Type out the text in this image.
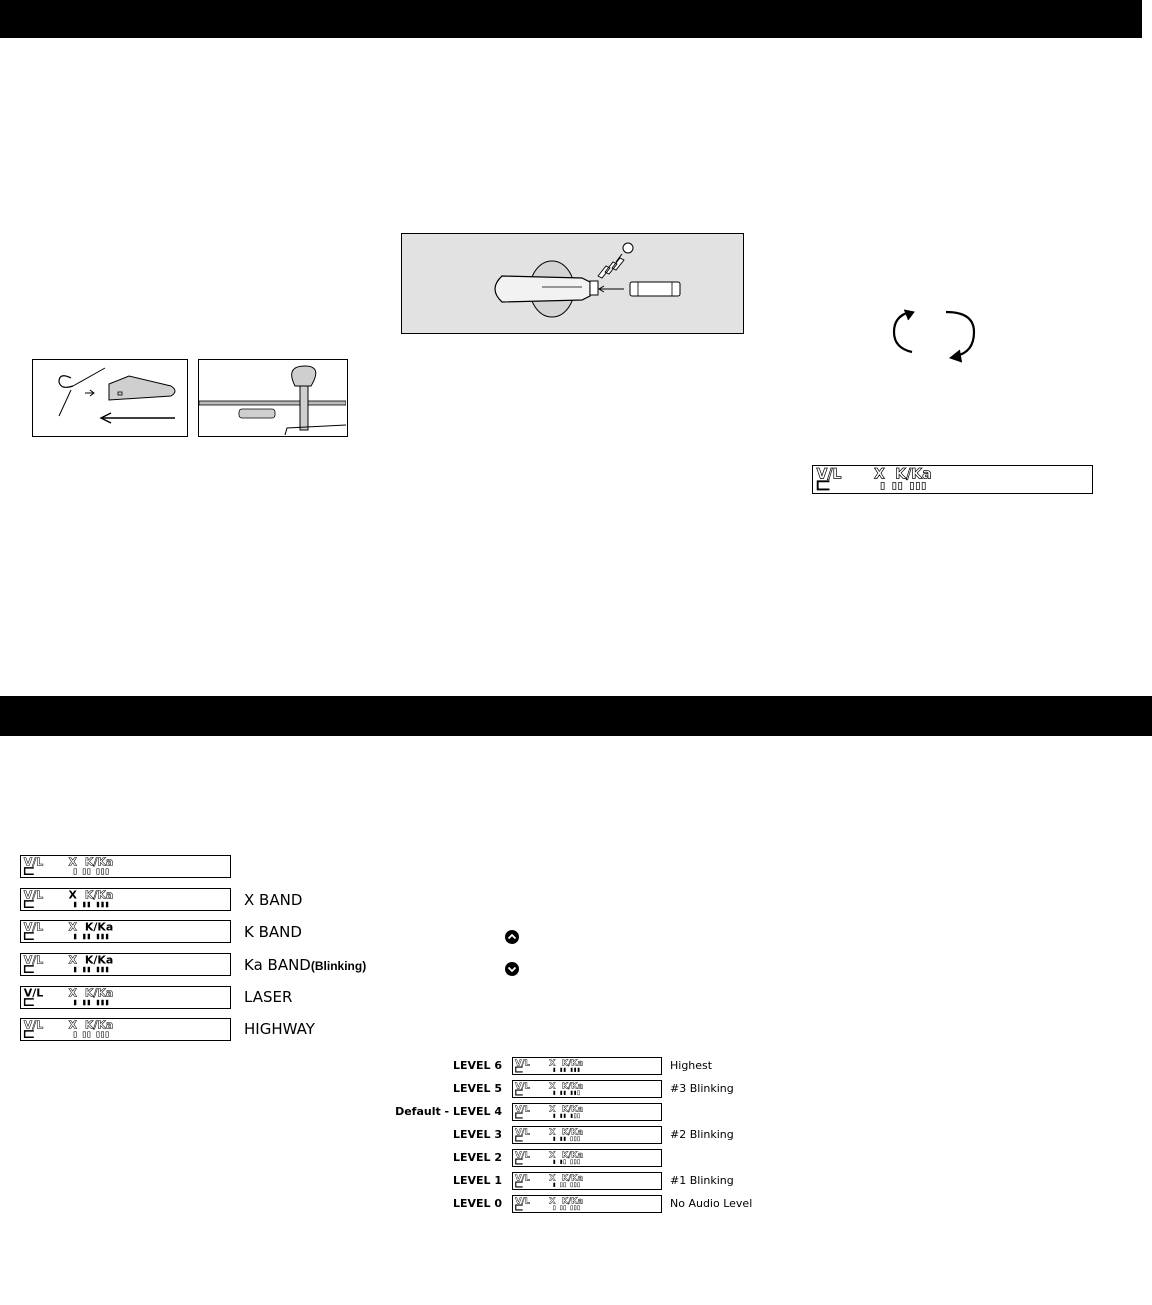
V/L X K/Ka
V/L X K/Ka
V/L X K/Ka
V/L X K/Ka
V/L X K/Ka
V/L X K/Ka
V/L X K/Ka
X BAND
K BAND
Ka BAND(Blinking)
LASER
HIGHWAY
LEVEL 6
LEVEL 5
Default - LEVEL 4
LEVEL 3
LEVEL 2
LEVEL 1
LEVEL 0
V/L X K/Ka
V/L X K/Ka
V/L X K/Ka
V/L X K/Ka
V/L X K/Ka
V/L X K/Ka
V/L X K/Ka
Highest
#3 Blinking
#2 Blinking
#1 Blinking
No Audio Level
